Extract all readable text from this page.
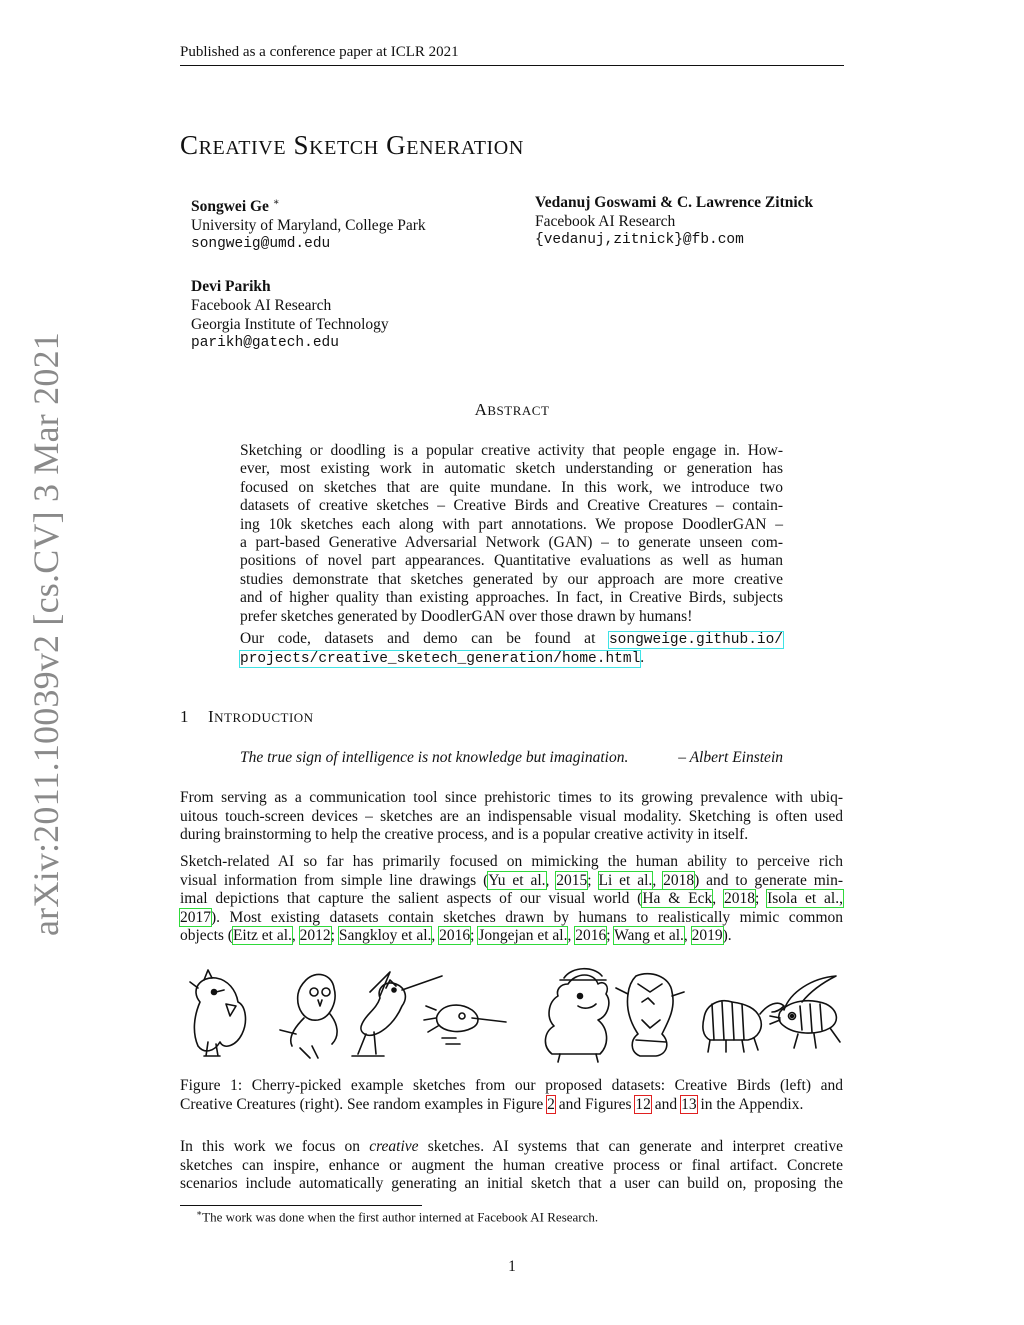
Published as a conference paper at ICLR 2021
arXiv:2011.10039v2 [cs.CV] 3 Mar 2021
CREATIVE SKETCH GENERATION
Songwei Ge ∗
University of Maryland, College Park
songweig@umd.edu
Vedanuj Goswami & C. Lawrence Zitnick
Facebook AI Research
{vedanuj,zitnick}@fb.com
Devi Parikh
Facebook AI Research
Georgia Institute of Technology
parikh@gatech.edu
ABSTRACT
Sketching or doodling is a popular creative activity that people engage in. How-
ever, most existing work in automatic sketch understanding or generation has
focused on sketches that are quite mundane. In this work, we introduce two
datasets of creative sketches – Creative Birds and Creative Creatures – contain-
ing 10k sketches each along with part annotations. We propose DoodlerGAN –
a part-based Generative Adversarial Network (GAN) – to generate unseen com-
positions of novel part appearances. Quantitative evaluations as well as human
studies demonstrate that sketches generated by our approach are more creative
and of higher quality than existing approaches. In fact, in Creative Birds, subjects
prefer sketches generated by DoodlerGAN over those drawn by humans!
Our code, datasets and demo can be found at songweige.github.io/
projects/creative_sketech_generation/home.html.
1 INTRODUCTION
The true sign of intelligence is not knowledge but imagination.	– Albert Einstein
From serving as a communication tool since prehistoric times to its growing prevalence with ubiq-
uitous touch-screen devices – sketches are an indispensable visual modality. Sketching is often used
during brainstorming to help the creative process, and is a popular creative activity in itself.
Sketch-related AI so far has primarily focused on mimicking the human ability to perceive rich
visual information from simple line drawings (Yu et al., 2015; Li et al., 2018) and to generate min-
imal depictions that capture the salient aspects of our visual world (Ha & Eck, 2018; Isola et al.,
2017). Most existing datasets contain sketches drawn by humans to realistically mimic common
objects (Eitz et al., 2012; Sangkloy et al., 2016; Jongejan et al., 2016; Wang et al., 2019).
Figure 1: Cherry-picked example sketches from our proposed datasets: Creative Birds (left) and
Creative Creatures (right). See random examples in Figure 2 and Figures 12 and 13 in the Appendix.
In this work we focus on creative sketches. AI systems that can generate and interpret creative
sketches can inspire, enhance or augment the human creative process or final artifact. Concrete
scenarios include automatically generating an initial sketch that a user can build on, proposing the
∗The work was done when the first author interned at Facebook AI Research.
1
